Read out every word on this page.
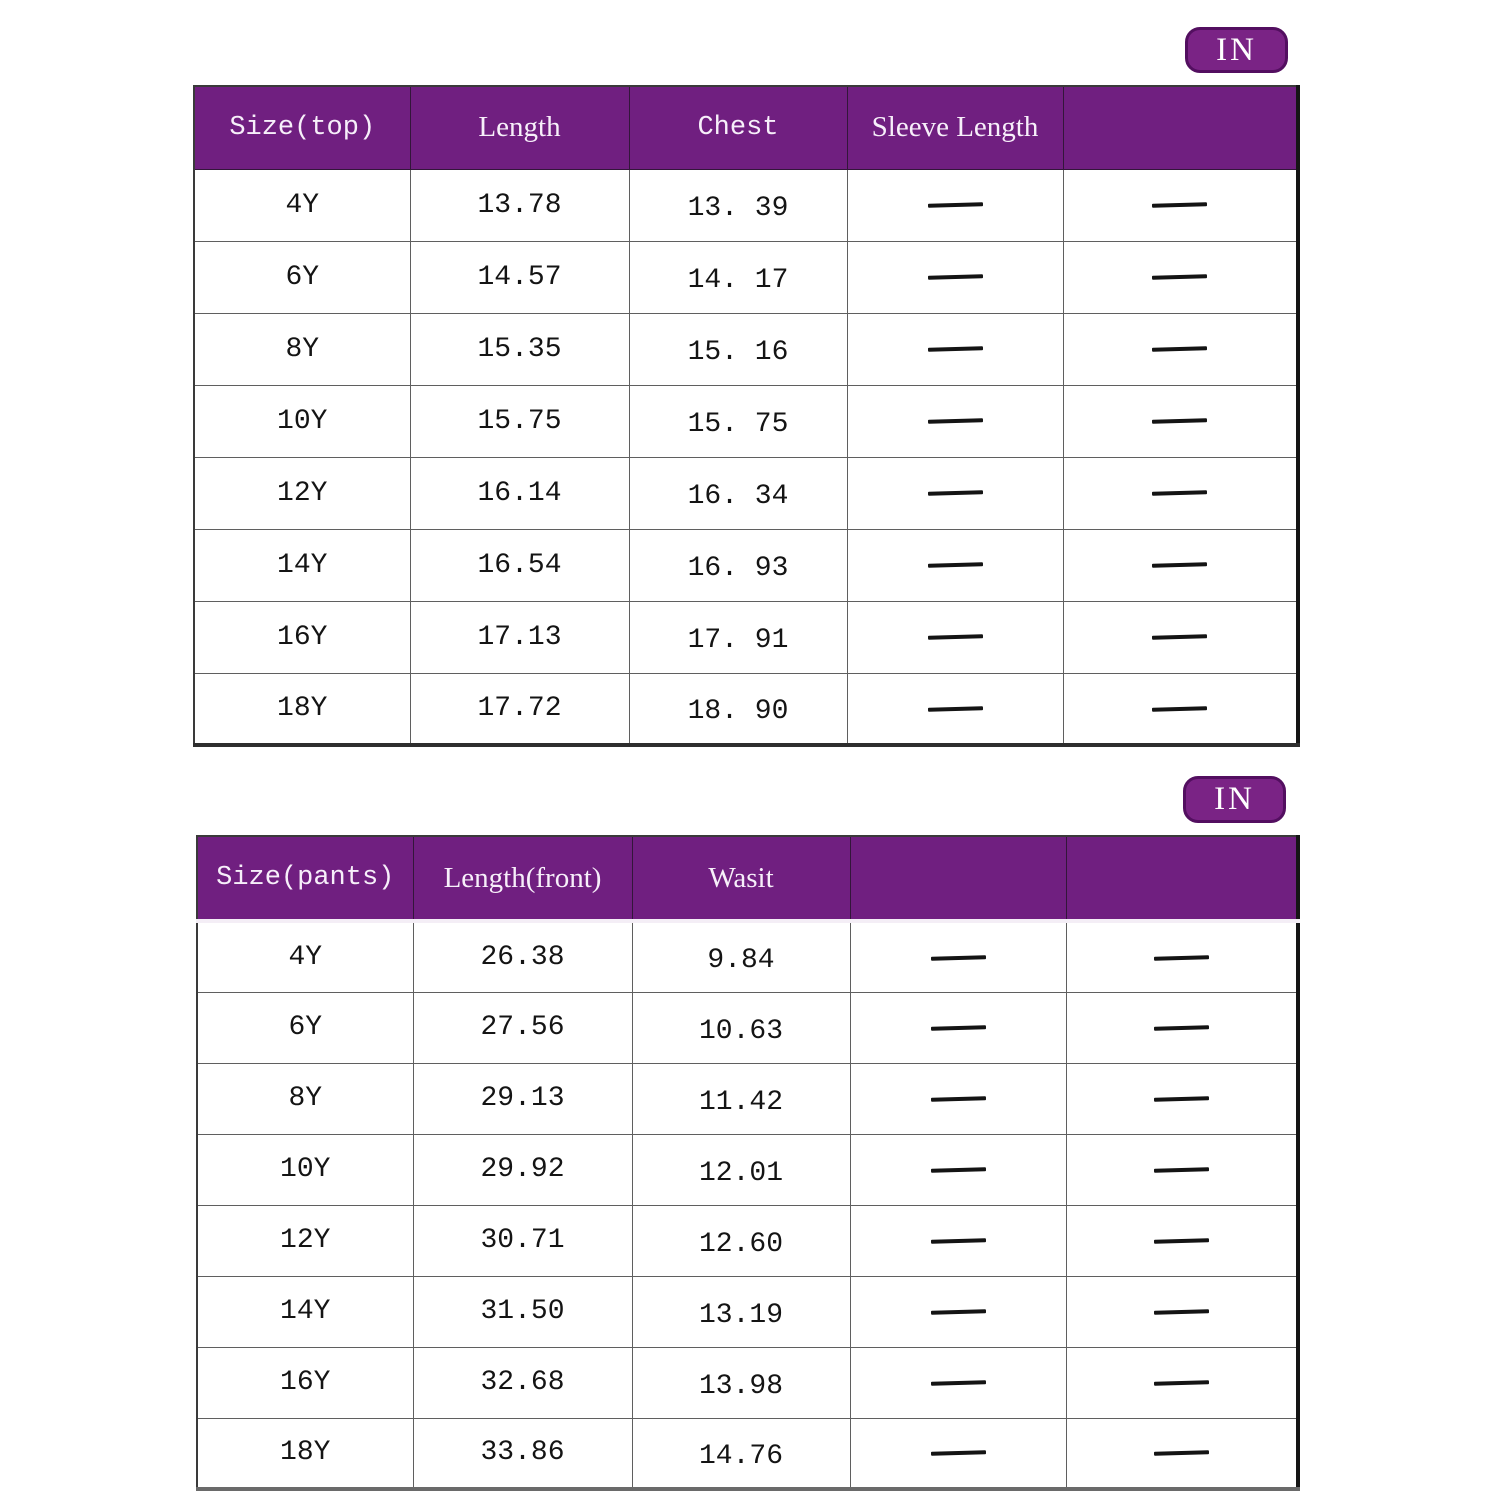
IN
Size(top)	Length	Chest	Sleeve Length	
4Y	13.78	13. 39	

6Y	14.57	14. 17	

8Y	15.35	15. 16	

10Y	15.75	15. 75	

12Y	16.14	16. 34	

14Y	16.54	16. 93	

16Y	17.13	17. 91	

18Y	17.72	18. 90	

IN
Size(pants)	Length(front)	Wasit		
4Y	26.38	9.84	

6Y	27.56	10.63	

8Y	29.13	11.42	

10Y	29.92	12.01	

12Y	30.71	12.60	

14Y	31.50	13.19	

16Y	32.68	13.98	

18Y	33.86	14.76	
